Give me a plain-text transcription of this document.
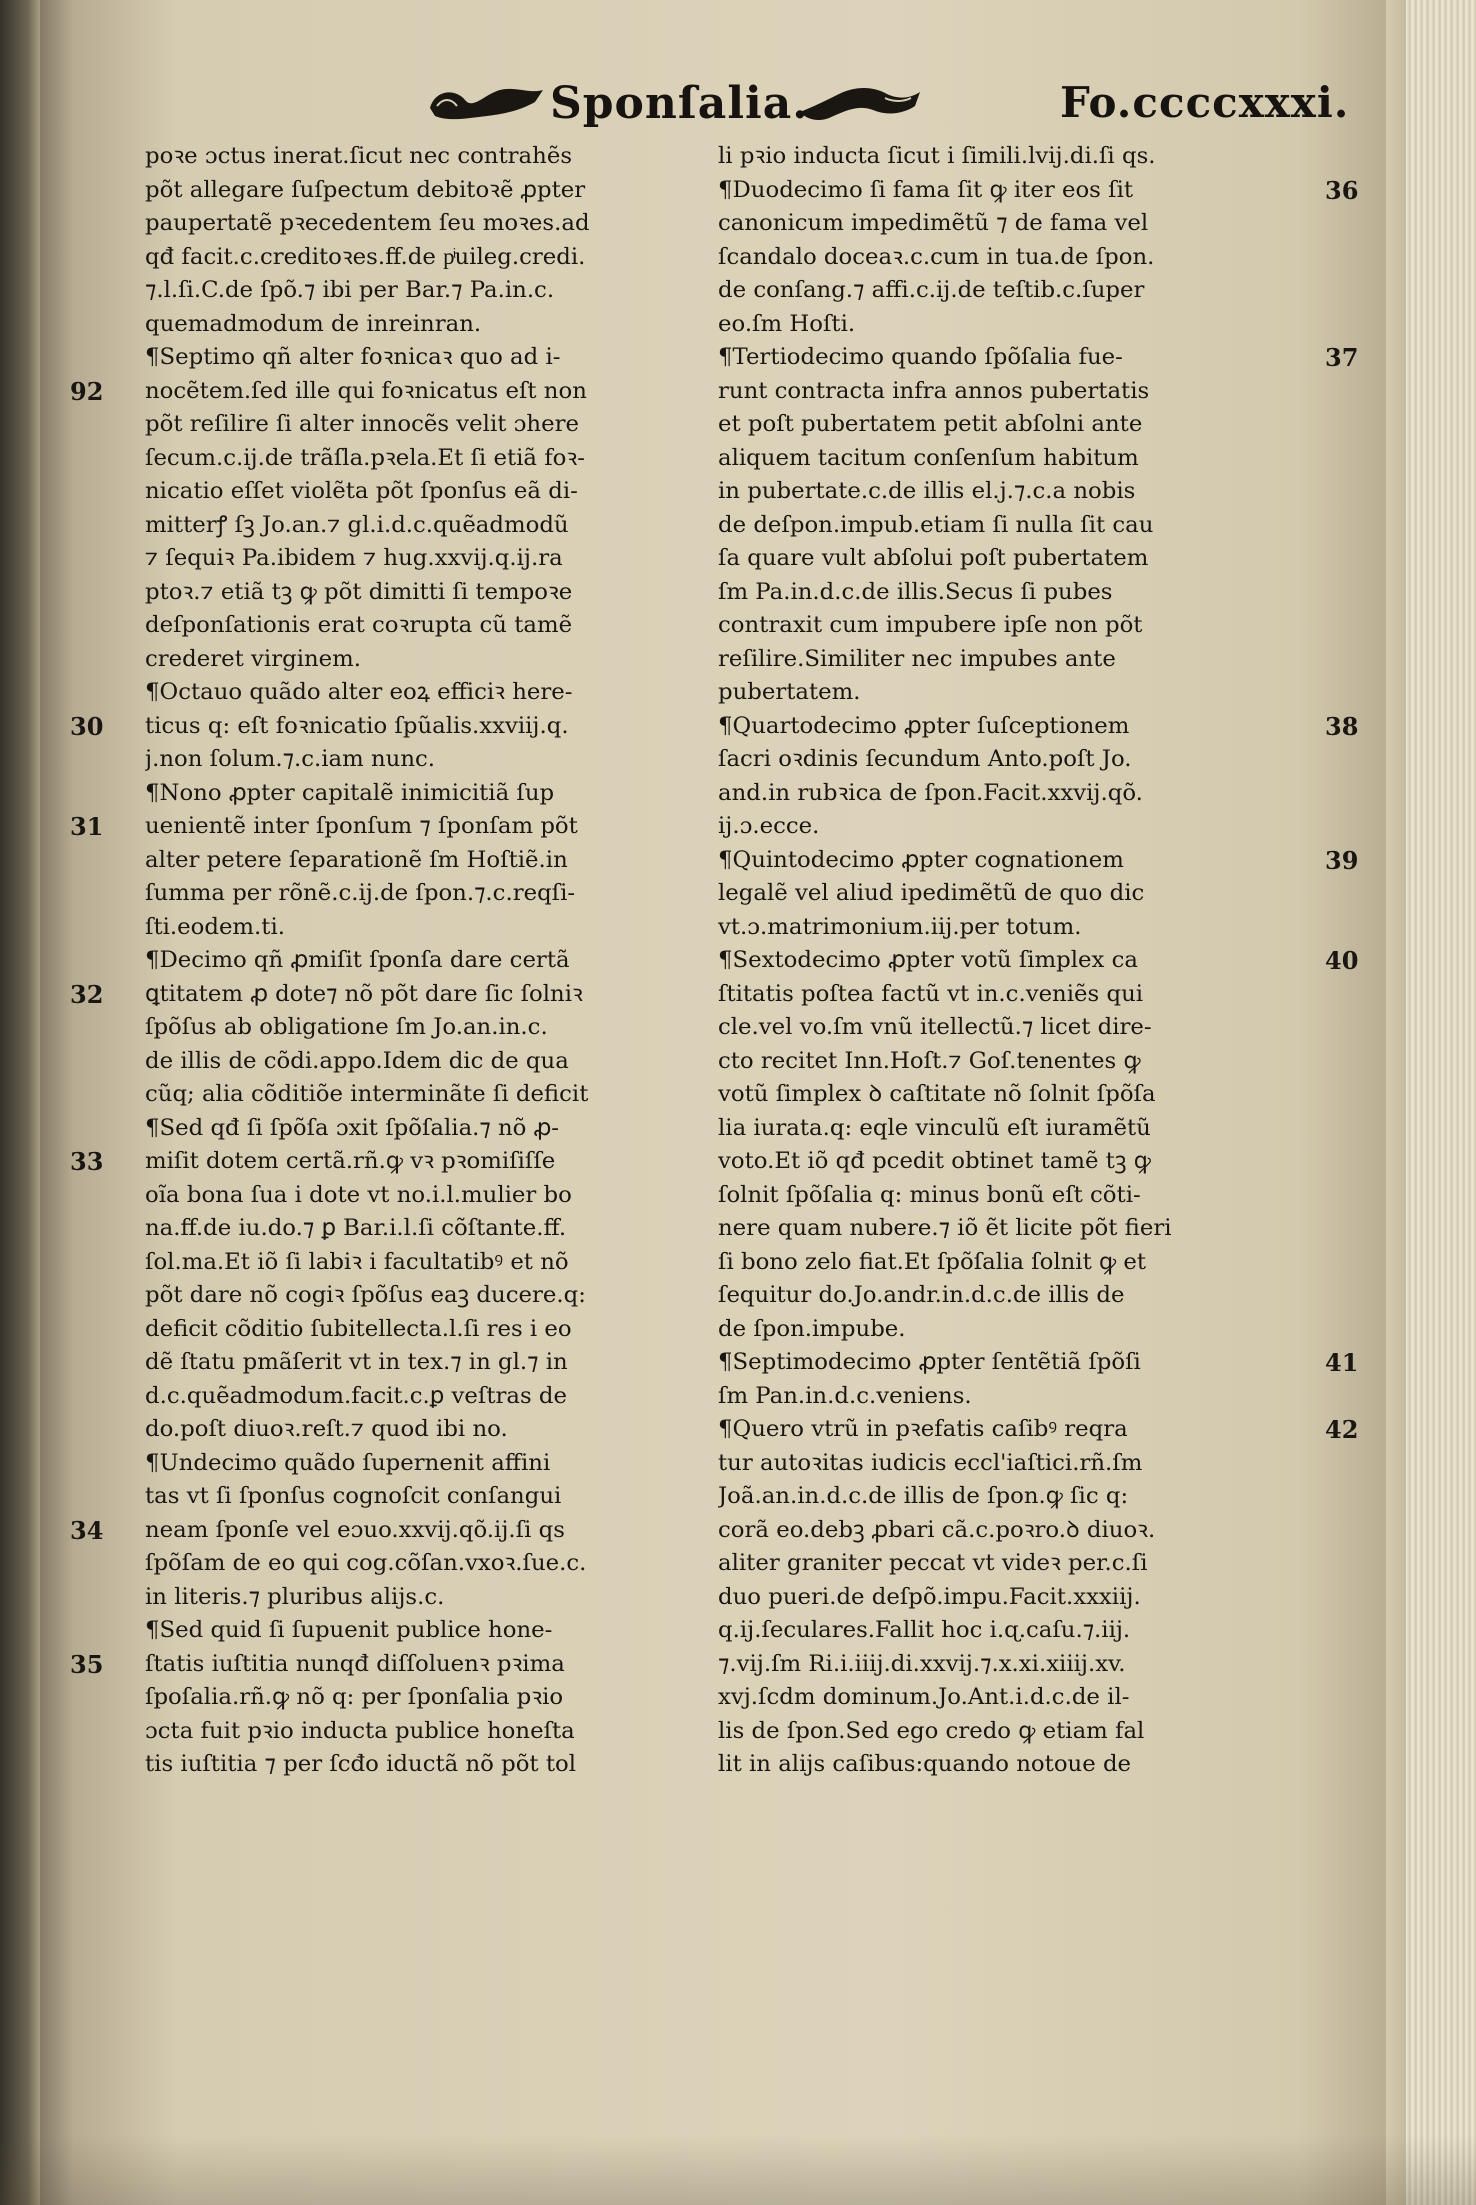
Sponſalia.	Fo.ccccxxxi.
poꝛe ɔctus inerat.ſicut nec contrahẽs
põt allegare ſuſpectum debitoꝛẽ ꝓpter
paupertatẽ pꝛecedentem ſeu moꝛes.ad
qđ facit.c.creditoꝛes.ff.de pͥuileg.credi.
⁊.l.ſi.C.de ſpõ.⁊ ibi per Bar.⁊ Pa.in.c.
quemadmodum de inreinran.
¶Septimo qñ alter foꝛnicaꝛ quo ad i-
nocẽtem.ſed ille qui foꝛnicatus eſt non
põt reſilire ſi alter innocẽs velit ɔhere
ſecum.c.ij.de trãſla.pꝛela.Et ſi etiã foꝛ-
nicatio eſſet violẽta põt ſponſus eã di-
mitterꝭ ſꝫ Jo.an.⁊ gl.i.d.c.quẽadmodũ
⁊ ſequiꝛ Pa.ibidem ⁊ hug.xxvij.q.ij.ra
ptoꝛ.⁊ etiã tꝫ ꝙ põt dimitti ſi tempoꝛe
deſponſationis erat coꝛrupta cũ tamẽ
crederet virginem.
¶Octauo quãdo alter eoꝝ efficiꝛ here-
ticus q: eſt foꝛnicatio ſpũalis.xxviij.q.
j.non ſolum.⁊.c.iam nunc.
¶Nono ꝓpter capitalẽ inimicitiã ſup
uenientẽ inter ſponſum ⁊ ſponſam põt
alter petere ſeparationẽ ſm Hoſtiẽ.in
ſumma per rõnẽ.c.ij.de ſpon.⁊.c.reqſi-
ſti.eodem.ti.
¶Decimo qñ ꝓmiſit ſponſa dare certã
ꝗtitatem ꝓ dote⁊ nõ põt dare ſic ſolniꝛ
ſpõſus ab obligatione ſm Jo.an.in.c.
de illis de cõdi.appo.Idem dic de qua
cũq; alia cõditiõe interminãte ſi deficit
¶Sed qđ ſi ſpõſa ɔxit ſpõſalia.⁊ nõ ꝓ-
miſit dotem certã.rñ.ꝙ vꝛ pꝛomiſiſſe
oĩa bona ſua i dote vt no.i.l.mulier bo
na.ff.de iu.do.⁊ ꝑ Bar.i.l.ſi cõſtante.ff.
ſol.ma.Et iõ ſi labiꝛ i facultatibꝰ et nõ
põt dare nõ cogiꝛ ſpõſus eaꝫ ducere.q:
deficit cõditio ſubitellecta.l.ſi res i eo
dẽ ſtatu pmãſerit vt in tex.⁊ in gl.⁊ in
d.c.quẽadmodum.facit.c.ꝑ veſtras de
do.poſt diuoꝛ.reſt.⁊ quod ibi no.
¶Undecimo quãdo ſupernenit affini
tas vt ſi ſponſus cognoſcit conſangui
neam ſponſe vel eɔuo.xxvij.qõ.ij.ſi qs
ſpõſam de eo qui cog.cõſan.vxoꝛ.ſue.c.
in literis.⁊ pluribus alijs.c.
¶Sed quid ſi ſupuenit publice hone-
ſtatis iuſtitia nunqđ diſſoluenꝛ pꝛima
ſpoſalia.rñ.ꝙ nõ q: per ſponſalia pꝛio
ɔcta fuit pꝛio inducta publice honeſta
tis iuſtitia ⁊ per ſcđo iductã nõ põt tol
li pꝛio inducta ſicut i ſimili.lvij.di.ſi qs.
¶Duodecimo ſi fama ſit ꝙ iter eos ſit
canonicum impedimẽtũ ⁊ de fama vel
ſcandalo doceaꝛ.c.cum in tua.de ſpon.
de conſang.⁊ affi.c.ij.de teſtib.c.ſuper
eo.ſm Hoſti.
¶Tertiodecimo quando ſpõſalia fue-
runt contracta infra annos pubertatis
et poſt pubertatem petit abſolni ante
aliquem tacitum conſenſum habitum
in pubertate.c.de illis el.j.⁊.c.a nobis
de deſpon.impub.etiam ſi nulla ſit cau
ſa quare vult abſolui poſt pubertatem
ſm Pa.in.d.c.de illis.Secus ſi pubes
contraxit cum impubere ipſe non põt
reſilire.Similiter nec impubes ante
pubertatem.
¶Quartodecimo ꝓpter ſuſceptionem
ſacri oꝛdinis ſecundum Anto.poſt Jo.
and.in rubꝛica de ſpon.Facit.xxvij.qõ.
ij.ɔ.ecce.
¶Quintodecimo ꝓpter cognationem
legalẽ vel aliud ipedimẽtũ de quo dic
vt.ɔ.matrimonium.iij.per totum.
¶Sextodecimo ꝓpter votũ ſimplex ca
ſtitatis poſtea factũ vt in.c.veniẽs qui
cle.vel vo.ſm vnũ itellectũ.⁊ licet dire-
cto recitet Inn.Hoſt.⁊ Goſ.tenentes ꝙ
votũ ſimplex ꝺ caſtitate nõ ſolnit ſpõſa
lia iurata.q: eqle vinculũ eſt iuramẽtũ
voto.Et iõ qđ pcedit obtinet tamẽ tꝫ ꝙ
ſolnit ſpõſalia q: minus bonũ eſt cõti-
nere quam nubere.⁊ iõ ẽt licite põt fieri
ſi bono zelo fiat.Et ſpõſalia ſolnit ꝙ et
ſequitur do.Jo.andr.in.d.c.de illis de
de ſpon.impube.
¶Septimodecimo ꝓpter ſentẽtiã ſpõſi
ſm Pan.in.d.c.veniens.
¶Quero vtrũ in pꝛefatis caſibꝰ reqra
tur autoꝛitas iudicis eccl'iaſtici.rñ.ſm
Joã.an.in.d.c.de illis de ſpon.ꝙ ſic q:
corã eo.debꝫ ꝓbari cã.c.poꝛro.ꝺ diuoꝛ.
aliter graniter peccat vt videꝛ per.c.ſi
duo pueri.de deſpõ.impu.Facit.xxxiij.
q.ij.ſeculares.Fallit hoc i.ɋ.caſu.⁊.iij.
⁊.vij.ſm Ri.i.iiij.di.xxvij.⁊.x.xi.xiiij.xv.
xvj.ſcdm dominum.Jo.Ant.i.d.c.de il-
lis de ſpon.Sed ego credo ꝙ etiam fal
lit in alijs caſibus:quando notoue de
92
30
31
32
33
34
35
36
37
38
39
40
41
42
